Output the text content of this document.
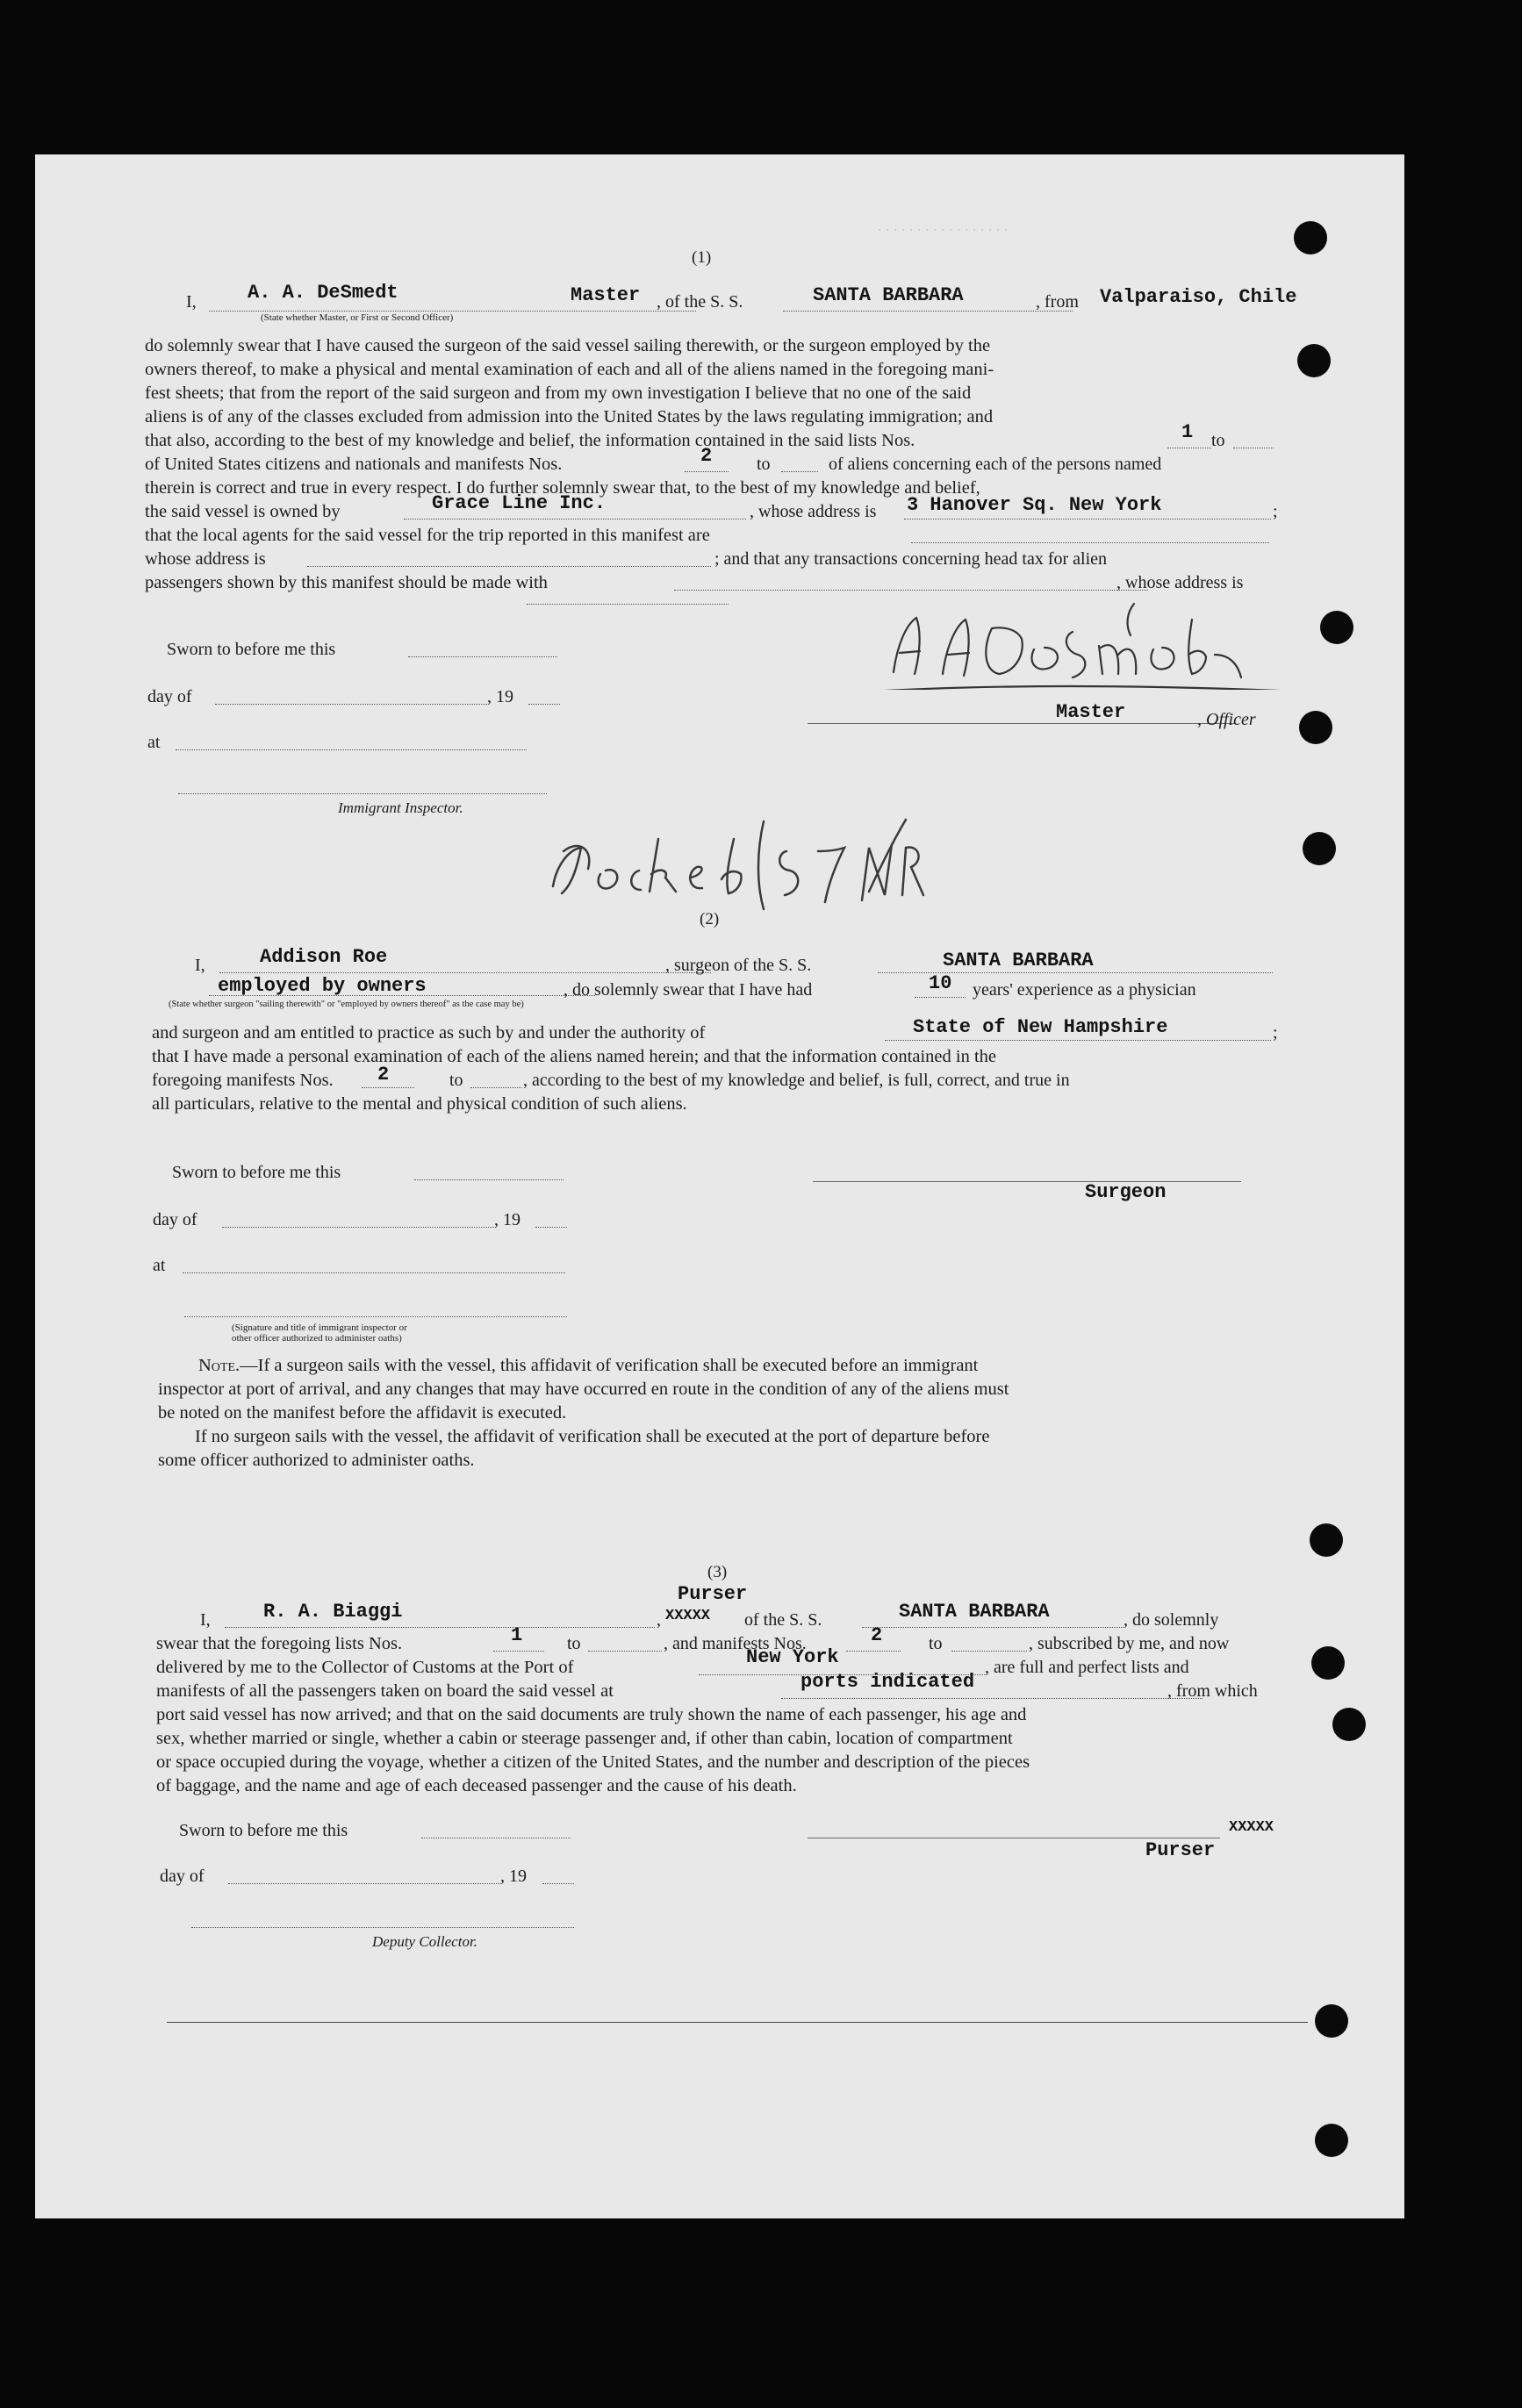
. . . . . . . . . . . . . . . . .
(1)
I,	A. A. DeSmedt	Master , of the S. S.	SANTA BARBARA	, from Valparaiso, Chile
(State whether Master, or First or Second Officer)
do solemnly swear that I have caused the surgeon of the said vessel sailing therewith, or the surgeon employed by the
owners thereof, to make a physical and mental examination of each and all of the aliens named in the foregoing mani-
fest sheets; that from the report of the said surgeon and from my own investigation I believe that no one of the said
aliens is of any of the classes excluded from admission into the United States by the laws regulating immigration; and
that also, according to the best of my knowledge and belief, the information contained in the said lists Nos.	1 to
of United States citizens and nationals and manifests Nos.	2	to	of aliens concerning each of the persons named
therein is correct and true in every respect. I do further solemnly swear that, to the best of my knowledge and belief,
the said vessel is owned by	Grace Line Inc.	, whose address is 3 Hanover Sq. New York	;
that the local agents for the said vessel for the trip reported in this manifest are
whose address is	; and that any transactions concerning head tax for alien
passengers shown by this manifest should be made with	, whose address is
Sworn to before me this
day of	, 19
at
Immigrant Inspector.
Master	, Officer
(2)
I,	Addison Roe	, surgeon of the S. S.	SANTA BARBARA
employed by owners	, do solemnly swear that I have had	10 years' experience as a physician
(State whether surgeon "sailing therewith" or "employed by owners thereof" as the case may be)
and surgeon and am entitled to practice as such by and under the authority of	State of New Hampshire	;
that I have made a personal examination of each of the aliens named herein; and that the information contained in the
foregoing manifests Nos. 2	to	, according to the best of my knowledge and belief, is full, correct, and true in
all particulars, relative to the mental and physical condition of such aliens.
Sworn to before me this
day of	, 19
at
(Signature and title of immigrant inspector or
other officer authorized to administer oaths)
Surgeon
Note.—If a surgeon sails with the vessel, this affidavit of verification shall be executed before an immigrant
inspector at port of arrival, and any changes that may have occurred en route in the condition of any of the aliens must
be noted on the manifest before the affidavit is executed.
If no surgeon sails with the vessel, the affidavit of verification shall be executed at the port of departure before
some officer authorized to administer oaths.
(3)
Purser
I,	R. A. Biaggi	, XXXXX of the S. S.	SANTA BARBARA	, do solemnly
swear that the foregoing lists Nos.	1	to	, and manifests Nos.	2	to	, subscribed by me, and now
delivered by me to the Collector of Customs at the Port of	New York	, are full and perfect lists and
manifests of all the passengers taken on board the said vessel at	ports indicated	, from which
port said vessel has now arrived; and that on the said documents are truly shown the name of each passenger, his age and
sex, whether married or single, whether a cabin or steerage passenger and, if other than cabin, location of compartment
or space occupied during the voyage, whether a citizen of the United States, and the number and description of the pieces
of baggage, and the name and age of each deceased passenger and the cause of his death.
Sworn to before me this
day of	, 19
Deputy Collector.
XXXXX
Purser
